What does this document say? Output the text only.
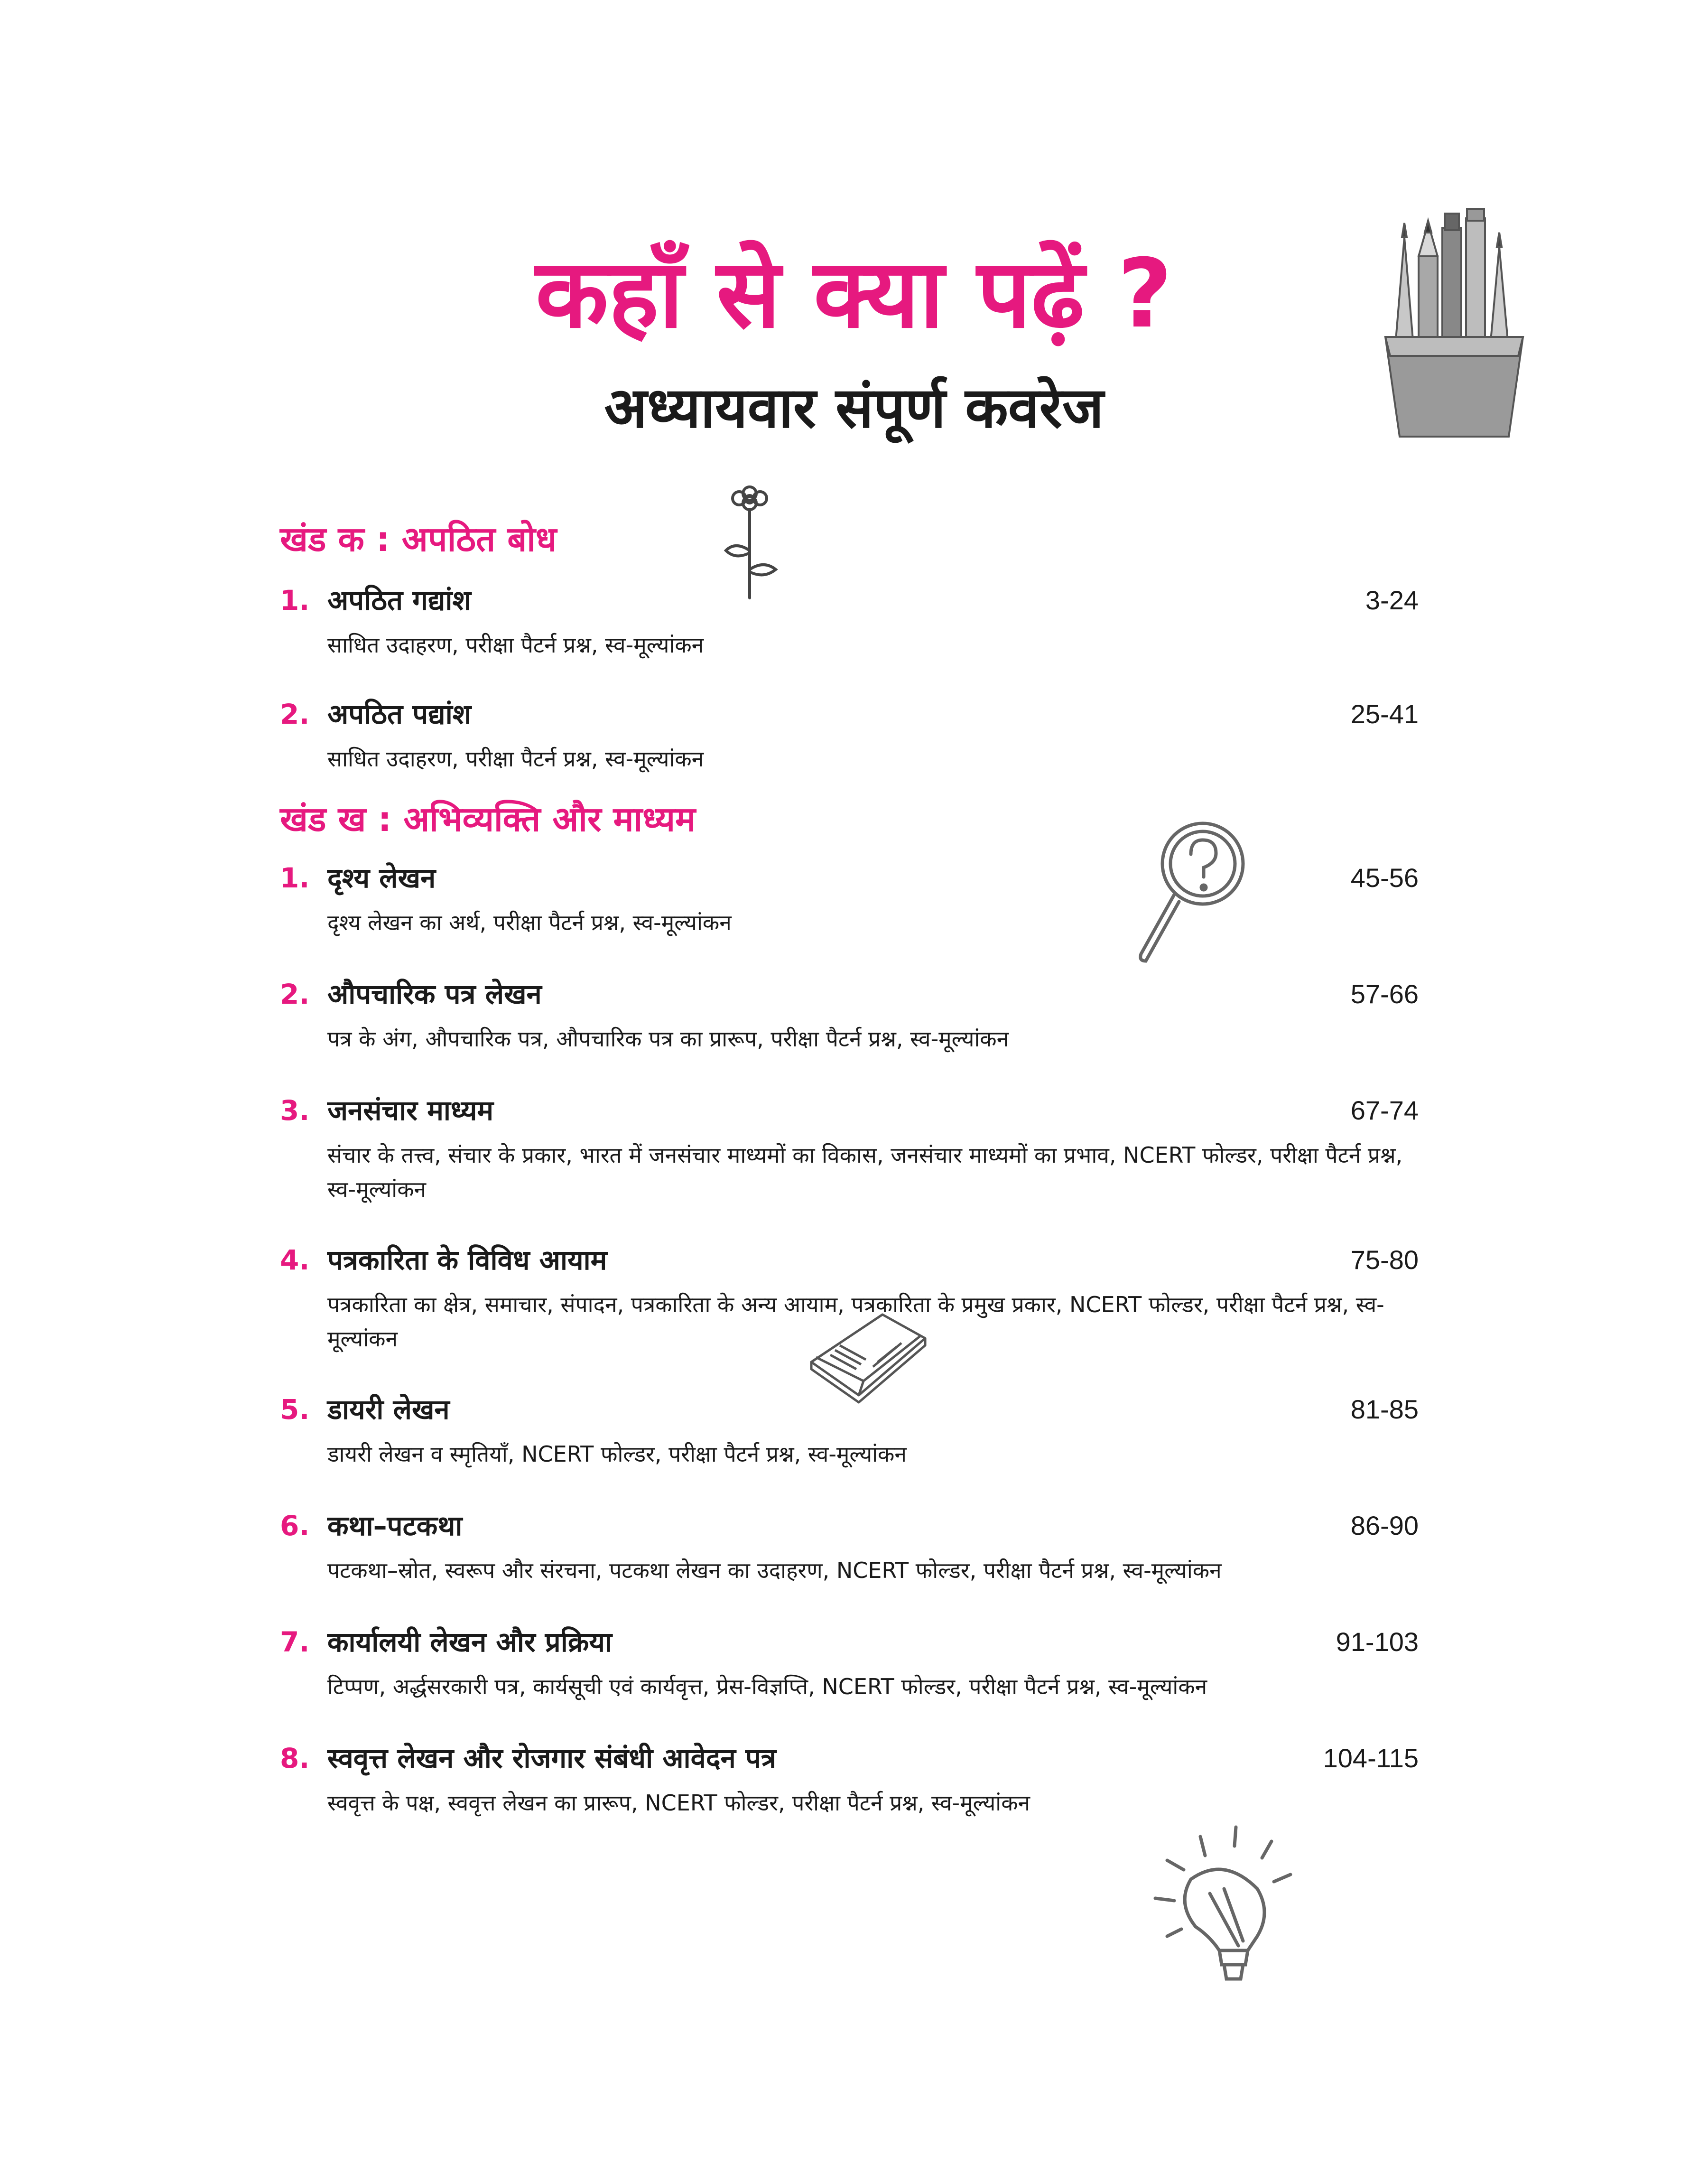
कहाँ से क्या पढ़ें ?
अध्यायवार संपूर्ण कवरेज
खंड क : अपठित बोध
1. अपठित गद्यांश	3-24
साधित उदाहरण, परीक्षा पैटर्न प्रश्न, स्व-मूल्यांकन
2. अपठित पद्यांश	25-41
साधित उदाहरण, परीक्षा पैटर्न प्रश्न, स्व-मूल्यांकन
खंड ख : अभिव्यक्ति और माध्यम
1. दृश्य लेखन	45-56
दृश्य लेखन का अर्थ, परीक्षा पैटर्न प्रश्न, स्व-मूल्यांकन
2. औपचारिक पत्र लेखन	57-66
पत्र के अंग, औपचारिक पत्र, औपचारिक पत्र का प्रारूप, परीक्षा पैटर्न प्रश्न, स्व-मूल्यांकन
3. जनसंचार माध्यम	67-74
संचार के तत्त्व, संचार के प्रकार, भारत में जनसंचार माध्यमों का विकास, जनसंचार माध्यमों का प्रभाव, NCERT फोल्डर, परीक्षा पैटर्न प्रश्न, स्व-मूल्यांकन
4. पत्रकारिता के विविध आयाम	75-80
पत्रकारिता का क्षेत्र, समाचार, संपादन, पत्रकारिता के अन्य आयाम, पत्रकारिता के प्रमुख प्रकार, NCERT फोल्डर, परीक्षा पैटर्न प्रश्न, स्व-मूल्यांकन
5. डायरी लेखन	81-85
डायरी लेखन व स्मृतियाँ, NCERT फोल्डर, परीक्षा पैटर्न प्रश्न, स्व-मूल्यांकन
6. कथा–पटकथा	86-90
पटकथा–स्रोत, स्वरूप और संरचना, पटकथा लेखन का उदाहरण, NCERT फोल्डर, परीक्षा पैटर्न प्रश्न, स्व-मूल्यांकन
7. कार्यालयी लेखन और प्रक्रिया	91-103
टिप्पण, अर्द्धसरकारी पत्र, कार्यसूची एवं कार्यवृत्त, प्रेस-विज्ञप्ति, NCERT फोल्डर, परीक्षा पैटर्न प्रश्न, स्व-मूल्यांकन
8. स्ववृत्त लेखन और रोजगार संबंधी आवेदन पत्र	104-115
स्ववृत्त के पक्ष, स्ववृत्त लेखन का प्रारूप, NCERT फोल्डर, परीक्षा पैटर्न प्रश्न, स्व-मूल्यांकन
